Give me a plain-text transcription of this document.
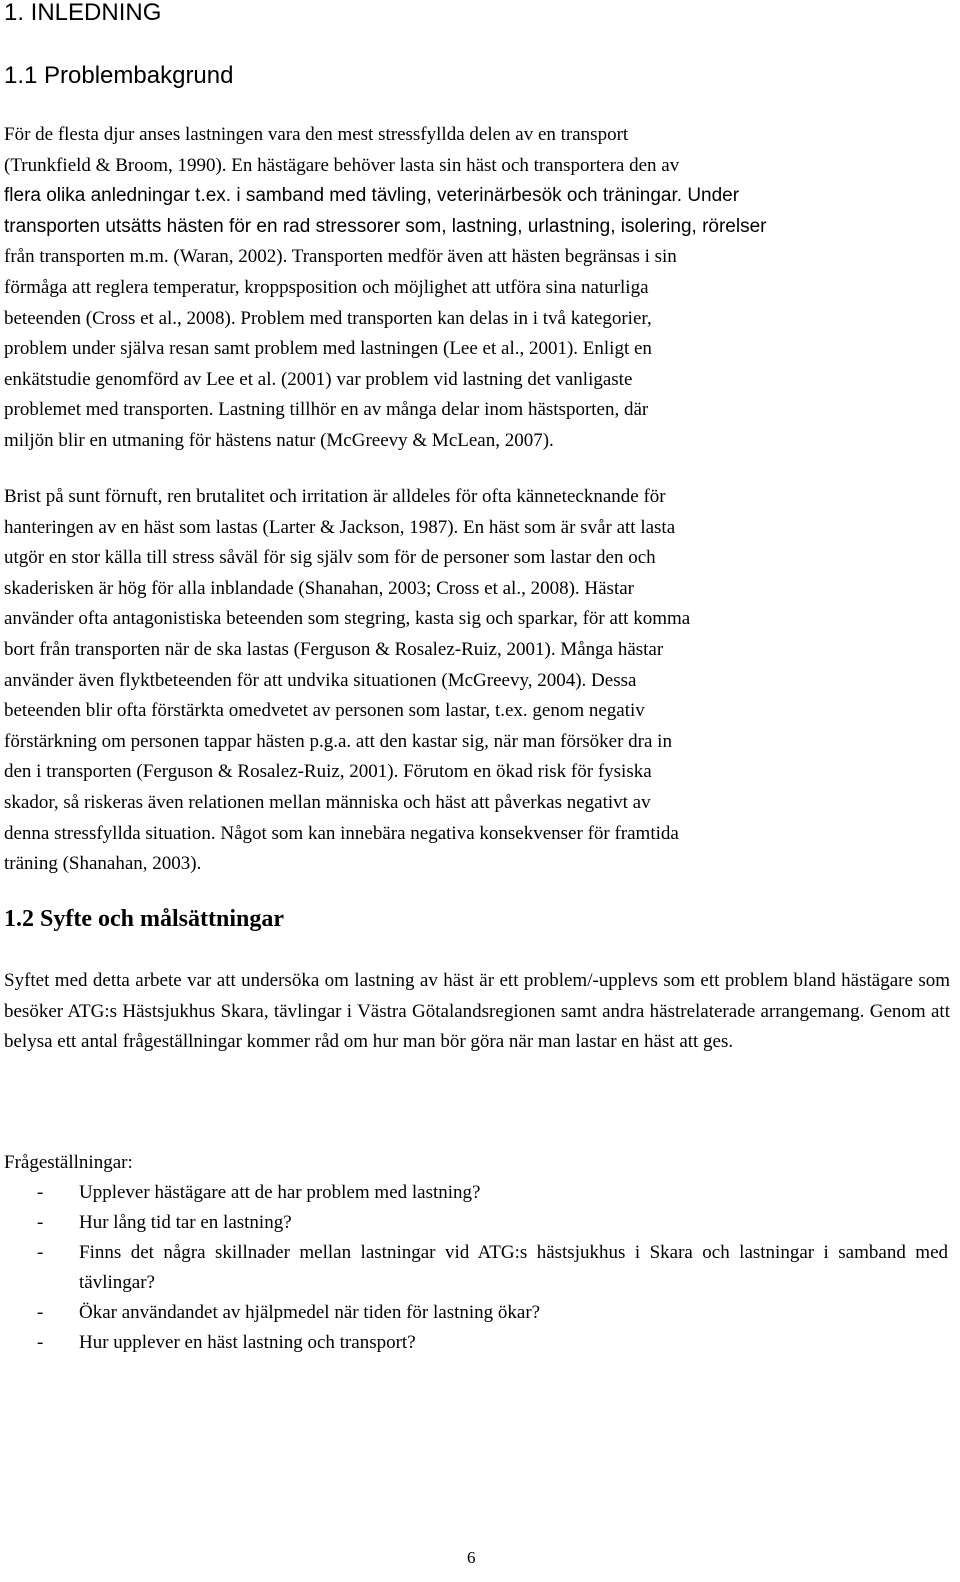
1. INLEDNING
1.1 Problembakgrund
För de flesta djur anses lastningen vara den mest stressfyllda delen av en transport
(Trunkfield & Broom, 1990). En hästägare behöver lasta sin häst och transportera den av
flera olika anledningar t.ex. i samband med tävling, veterinärbesök och träningar. Under
transporten utsätts hästen för en rad stressorer som, lastning, urlastning, isolering, rörelser
från transporten m.m. (Waran, 2002). Transporten medför även att hästen begränsas i sin
förmåga att reglera temperatur, kroppsposition och möjlighet att utföra sina naturliga
beteenden (Cross et al., 2008). Problem med transporten kan delas in i två kategorier,
problem under själva resan samt problem med lastningen (Lee et al., 2001). Enligt en
enkätstudie genomförd av Lee et al. (2001) var problem vid lastning det vanligaste
problemet med transporten. Lastning tillhör en av många delar inom hästsporten, där
miljön blir en utmaning för hästens natur (McGreevy & McLean, 2007).
Brist på sunt förnuft, ren brutalitet och irritation är alldeles för ofta kännetecknande för
hanteringen av en häst som lastas (Larter & Jackson, 1987). En häst som är svår att lasta
utgör en stor källa till stress såväl för sig själv som för de personer som lastar den och
skaderisken är hög för alla inblandade (Shanahan, 2003; Cross et al., 2008). Hästar
använder ofta antagonistiska beteenden som stegring, kasta sig och sparkar, för att komma
bort från transporten när de ska lastas (Ferguson & Rosalez-Ruiz, 2001). Många hästar
använder även flyktbeteenden för att undvika situationen (McGreevy, 2004). Dessa
beteenden blir ofta förstärkta omedvetet av personen som lastar, t.ex. genom negativ
förstärkning om personen tappar hästen p.g.a. att den kastar sig, när man försöker dra in
den i transporten (Ferguson & Rosalez-Ruiz, 2001). Förutom en ökad risk för fysiska
skador, så riskeras även relationen mellan människa och häst att påverkas negativt av
denna stressfyllda situation. Något som kan innebära negativa konsekvenser för framtida
träning (Shanahan, 2003).
1.2 Syfte och målsättningar

Syftet med detta arbete var att undersöka om lastning av häst är ett problem/-upplevs som ett problem bland hästägare som besöker ATG:s Hästsjukhus Skara, tävlingar i Västra Götalandsregionen samt andra hästrelaterade arrangemang. Genom att belysa ett antal frågeställningar kommer råd om hur man bör göra när man lastar en häst att ges.

Frågeställningar:

- Upplever hästägare att de har problem med lastning?
- Hur lång tid tar en lastning?
- Finns det några skillnader mellan lastningar vid ATG:s hästsjukhus i Skara och lastningar i samband med tävlingar?
- Ökar användandet av hjälpmedel när tiden för lastning ökar?
- Hur upplever en häst lastning och transport?
6
